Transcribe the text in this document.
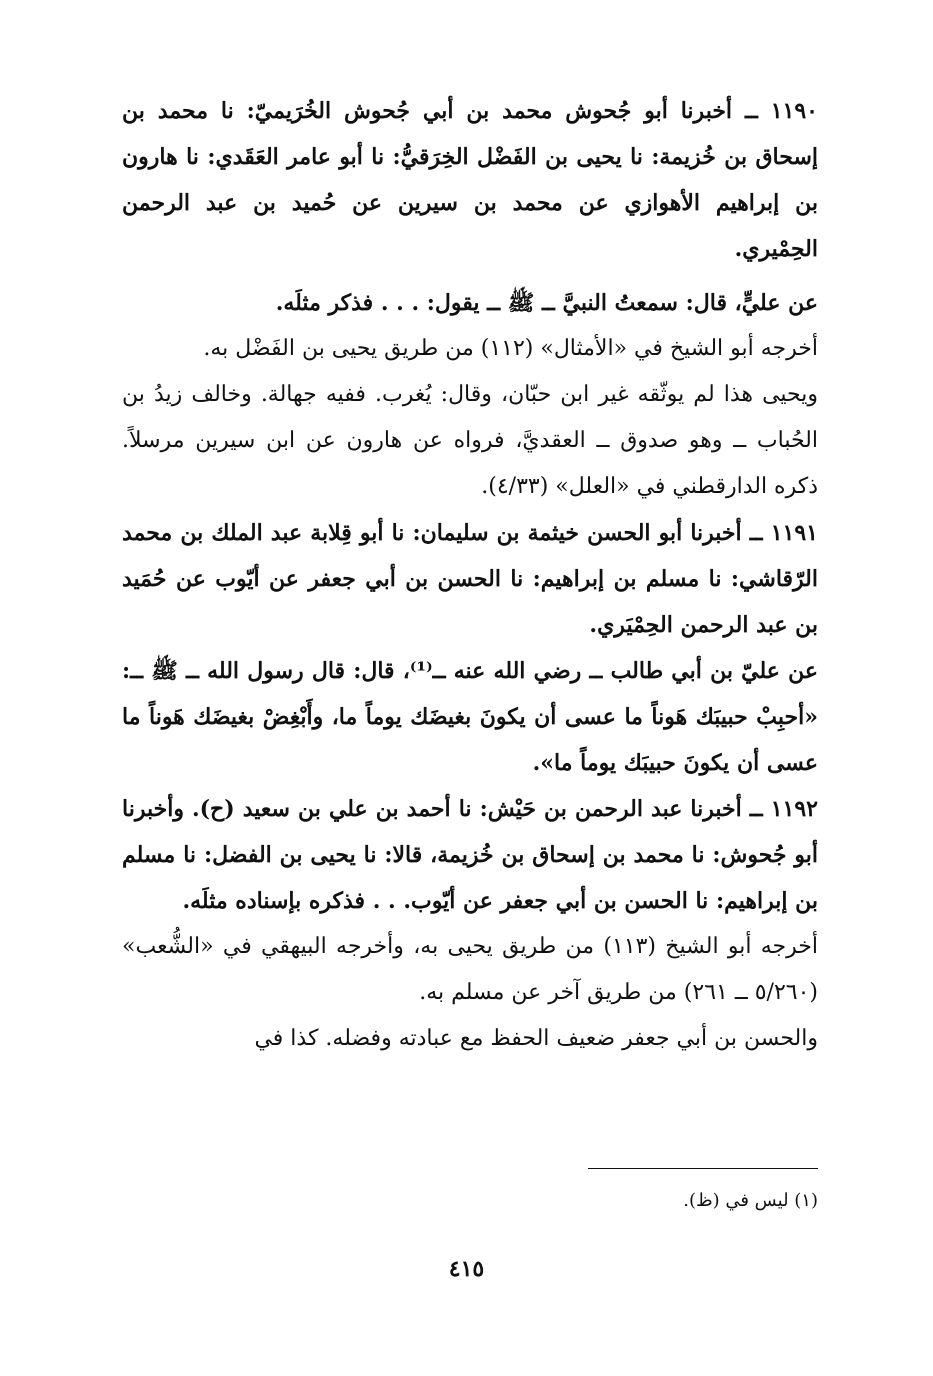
١١٩٠ ــ أخبرنا أبو جُحوش محمد بن أبي جُحوش الخُرَيميّ: نا محمد بن إسحاق بن خُزيمة: نا يحيى بن الفَضْل الخِرَقيُّ: نا أبو عامر العَقَدي: نا هارون بن إبراهيم الأهوازي عن محمد بن سيرين عن حُميد بن عبد الرحمن الحِمْيري.

عن عليٍّ، قال: سمعتُ النبيَّ ــ ﷺ ــ يقول: . . . فذكر مثلَه.

أخرجه أبو الشيخ في «الأمثال» (١١٢) من طريق يحيى بن الفَضْل به.

ويحيى هذا لم يوثّقه غير ابن حبّان، وقال: يُغرب. ففيه جهالة. وخالف زيدُ بن الحُباب ــ وهو صدوق ــ العقديَّ، فرواه عن هارون عن ابن سيرين مرسلاً. ذكره الدارقطني في «العلل» (٤/٣٣).

١١٩١ ــ أخبرنا أبو الحسن خيثمة بن سليمان: نا أبو قِلابة عبد الملك بن محمد الرّقاشي: نا مسلم بن إبراهيم: نا الحسن بن أبي جعفر عن أيّوب عن حُمَيد بن عبد الرحمن الحِمْيَري.

عن عليّ بن أبي طالب ــ رضي الله عنه ــ⁽¹⁾، قال: قال رسول الله ــ ﷺ ــ: «أحبِبْ حبيبَك هَوناً ما عسى أن يكونَ بغيضَك يوماً ما، وأَبْغِضْ بغيضَك هَوناً ما عسى أن يكونَ حبيبَك يوماً ما».

١١٩٢ ــ أخبرنا عبد الرحمن بن حَيْش: نا أحمد بن علي بن سعيد (ح). وأخبرنا أبو جُحوش: نا محمد بن إسحاق بن خُزيمة، قالا: نا يحيى بن الفضل: نا مسلم بن إبراهيم: نا الحسن بن أبي جعفر عن أيّوب. . . فذكره بإسناده مثلَه.

أخرجه أبو الشيخ (١١٣) من طريق يحيى به، وأخرجه البيهقي في «الشُّعب» (٥/٢٦٠ ــ ٢٦١) من طريق آخر عن مسلم به.

والحسن بن أبي جعفر ضعيف الحفظ مع عبادته وفضله. كذا في

(١) ليس في (ظ).
٤١٥
